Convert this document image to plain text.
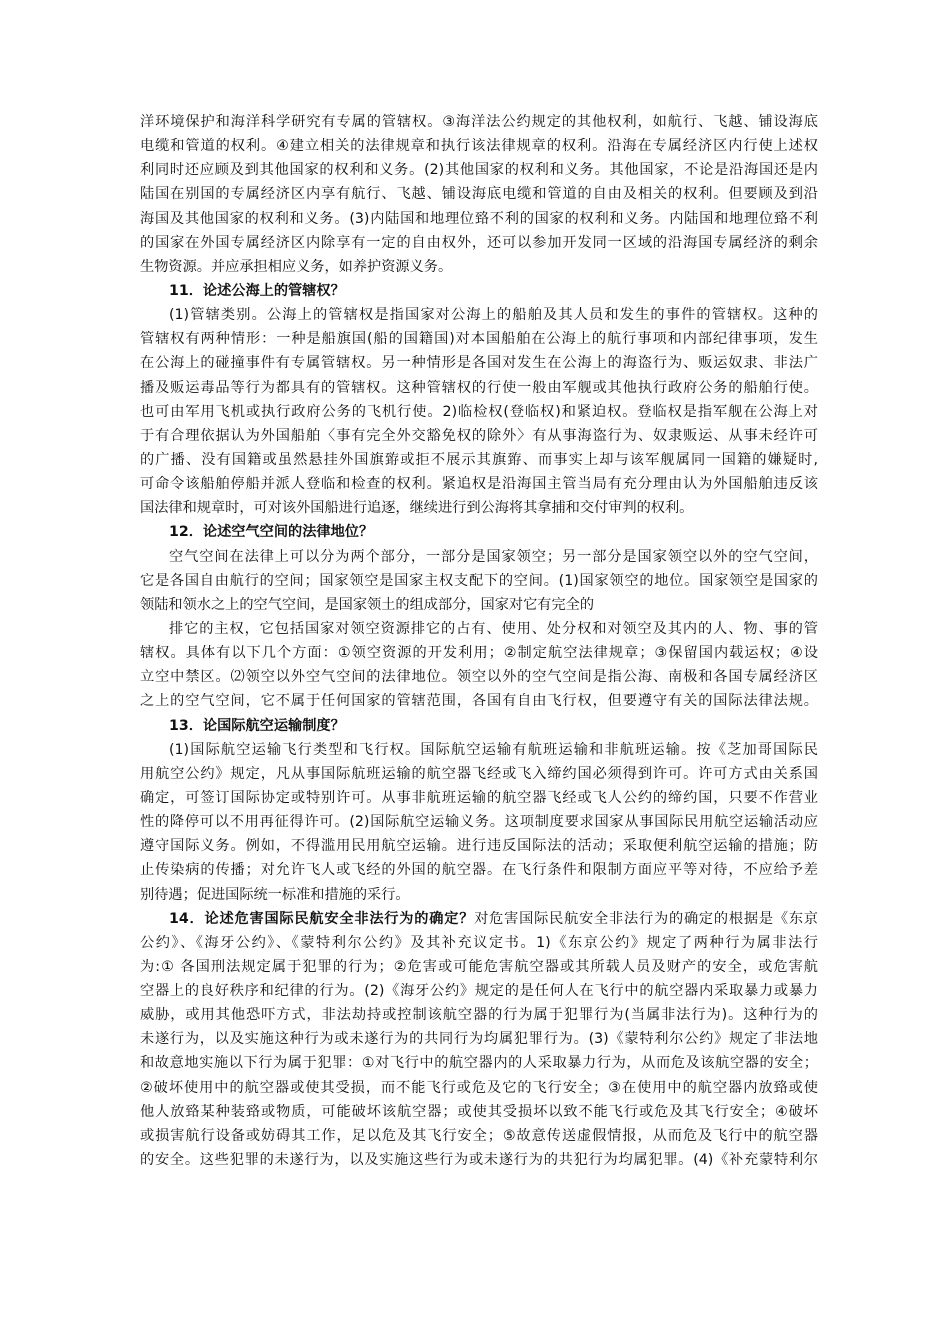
洋环境保护和海洋科学研究有专属的管辖权。③海洋法公约规定的其他权利，如航行、飞越、铺设海底
电缆和管道的权利。④建立相关的法律规章和执行该法律规章的权利。沿海在专属经济区内行使上述权
利同时还应顾及到其他国家的权利和义务。(2)其他国家的权利和义务。其他国家，不论是沿海国还是内
陆国在别国的专属经济区内享有航行、飞越、铺设海底电缆和管道的自由及相关的权利。但要顾及到沿
海国及其他国家的权利和义务。(3)内陆国和地理位臵不利的国家的权利和义务。内陆国和地理位臵不利
的国家在外国专属经济区内除享有一定的自由权外，还可以参加开发同一区域的沿海国专属经济的剩余
生物资源。并应承担相应义务，如养护资源义务。
11．论述公海上的管辖权？
(1)管辖类别。公海上的管辖权是指国家对公海上的船舶及其人员和发生的事件的管辖权。这种的
管辖权有两种情形：一种是船旗国(船的国籍国)对本国船舶在公海上的航行事项和内部纪律事项，发生
在公海上的碰撞事件有专属管辖权。另一种情形是各国对发生在公海上的海盗行为、贩运奴隶、非法广
播及贩运毒品等行为都具有的管辖权。这种管辖权的行使一般由军舰或其他执行政府公务的船舶行使。
也可由军用飞机或执行政府公务的飞机行使。2)临检权(登临权)和紧迫权。登临权是指军舰在公海上对
于有合理依据认为外国船舶〈事有完全外交豁免权的除外〉有从事海盗行为、奴隶贩运、从事未经许可
的广播、没有国籍或虽然悬挂外国旗臶或拒不展示其旗臶、而事实上却与该军舰属同一国籍的嫌疑时,
可命令该船舶停船并派人登临和检查的权利。紧追权是沿海国主管当局有充分理由认为外国船舶违反该
国法律和规章时，可对该外国船进行追逐，继续进行到公海将其拿捕和交付审判的权利。
12．论述空气空间的法律地位？
空气空间在法律上可以分为两个部分，一部分是国家领空；另一部分是国家领空以外的空气空间，
它是各国自由航行的空间；国家领空是国家主权支配下的空间。(1)国家领空的地位。国家领空是国家的
领陆和领水之上的空气空间，是国家领土的组成部分，国家对它有完全的
排它的主权，它包括国家对领空资源排它的占有、使用、处分权和对领空及其内的人、物、事的管
辖权。具体有以下几个方面：①领空资源的开发利用；②制定航空法律规章；③保留国内载运权；④设
立空中禁区。⑵领空以外空气空间的法律地位。领空以外的空气空间是指公海、南极和各国专属经济区
之上的空气空间，它不属于任何国家的管辖范围，各国有自由飞行权，但要遵守有关的国际法律法规。
13．论国际航空运输制度？
(1)国际航空运输飞行类型和飞行权。国际航空运输有航班运输和非航班运输。按《芝加哥国际民
用航空公约》规定，凡从事国际航班运输的航空器飞经或飞入缔约国必须得到许可。许可方式由关系国
确定，可签订国际协定或特别许可。从事非航班运输的航空器飞经或飞人公约的缔约国，只要不作营业
性的降停可以不用再征得许可。(2)国际航空运输义务。这项制度要求国家从事国际民用航空运输活动应
遵守国际义务。例如，不得滥用民用航空运输。进行违反国际法的活动；采取便利航空运输的措施；防
止传染病的传播；对允许飞人或飞经的外国的航空器。在飞行条件和限制方面应平等对待，不应给予差
别待遇；促进国际统一标准和措施的采行。
14．论述危害国际民航安全非法行为的确定？对危害国际民航安全非法行为的确定的根据是《东京
公约》、《海牙公约》、《蒙特利尔公约》及其补充议定书。1)《东京公约》规定了两种行为属非法行
为:① 各国刑法规定属于犯罪的行为；②危害或可能危害航空器或其所载人员及财产的安全，或危害航
空器上的良好秩序和纪律的行为。(2)《海牙公约》规定的是任何人在飞行中的航空器内采取暴力或暴力
威胁，或用其他恐吓方式，非法劫持或控制该航空器的行为属于犯罪行为(当属非法行为)。这种行为的
未遂行为，以及实施这种行为或未遂行为的共同行为均属犯罪行为。(3)《蒙特利尔公约》规定了非法地
和故意地实施以下行为属于犯罪：①对飞行中的航空器内的人采取暴力行为，从而危及该航空器的安全；
②破坏使用中的航空器或使其受损，而不能飞行或危及它的飞行安全；③在使用中的航空器内放臵或使
他人放臵某种装臵或物质，可能破坏该航空器；或使其受损坏以致不能飞行或危及其飞行安全；④破坏
或损害航行设备或妨碍其工作，足以危及其飞行安全；⑤故意传送虚假情报，从而危及飞行中的航空器
的安全。这些犯罪的未遂行为，以及实施这些行为或未遂行为的共犯行为均属犯罪。(4)《补充蒙特利尔
